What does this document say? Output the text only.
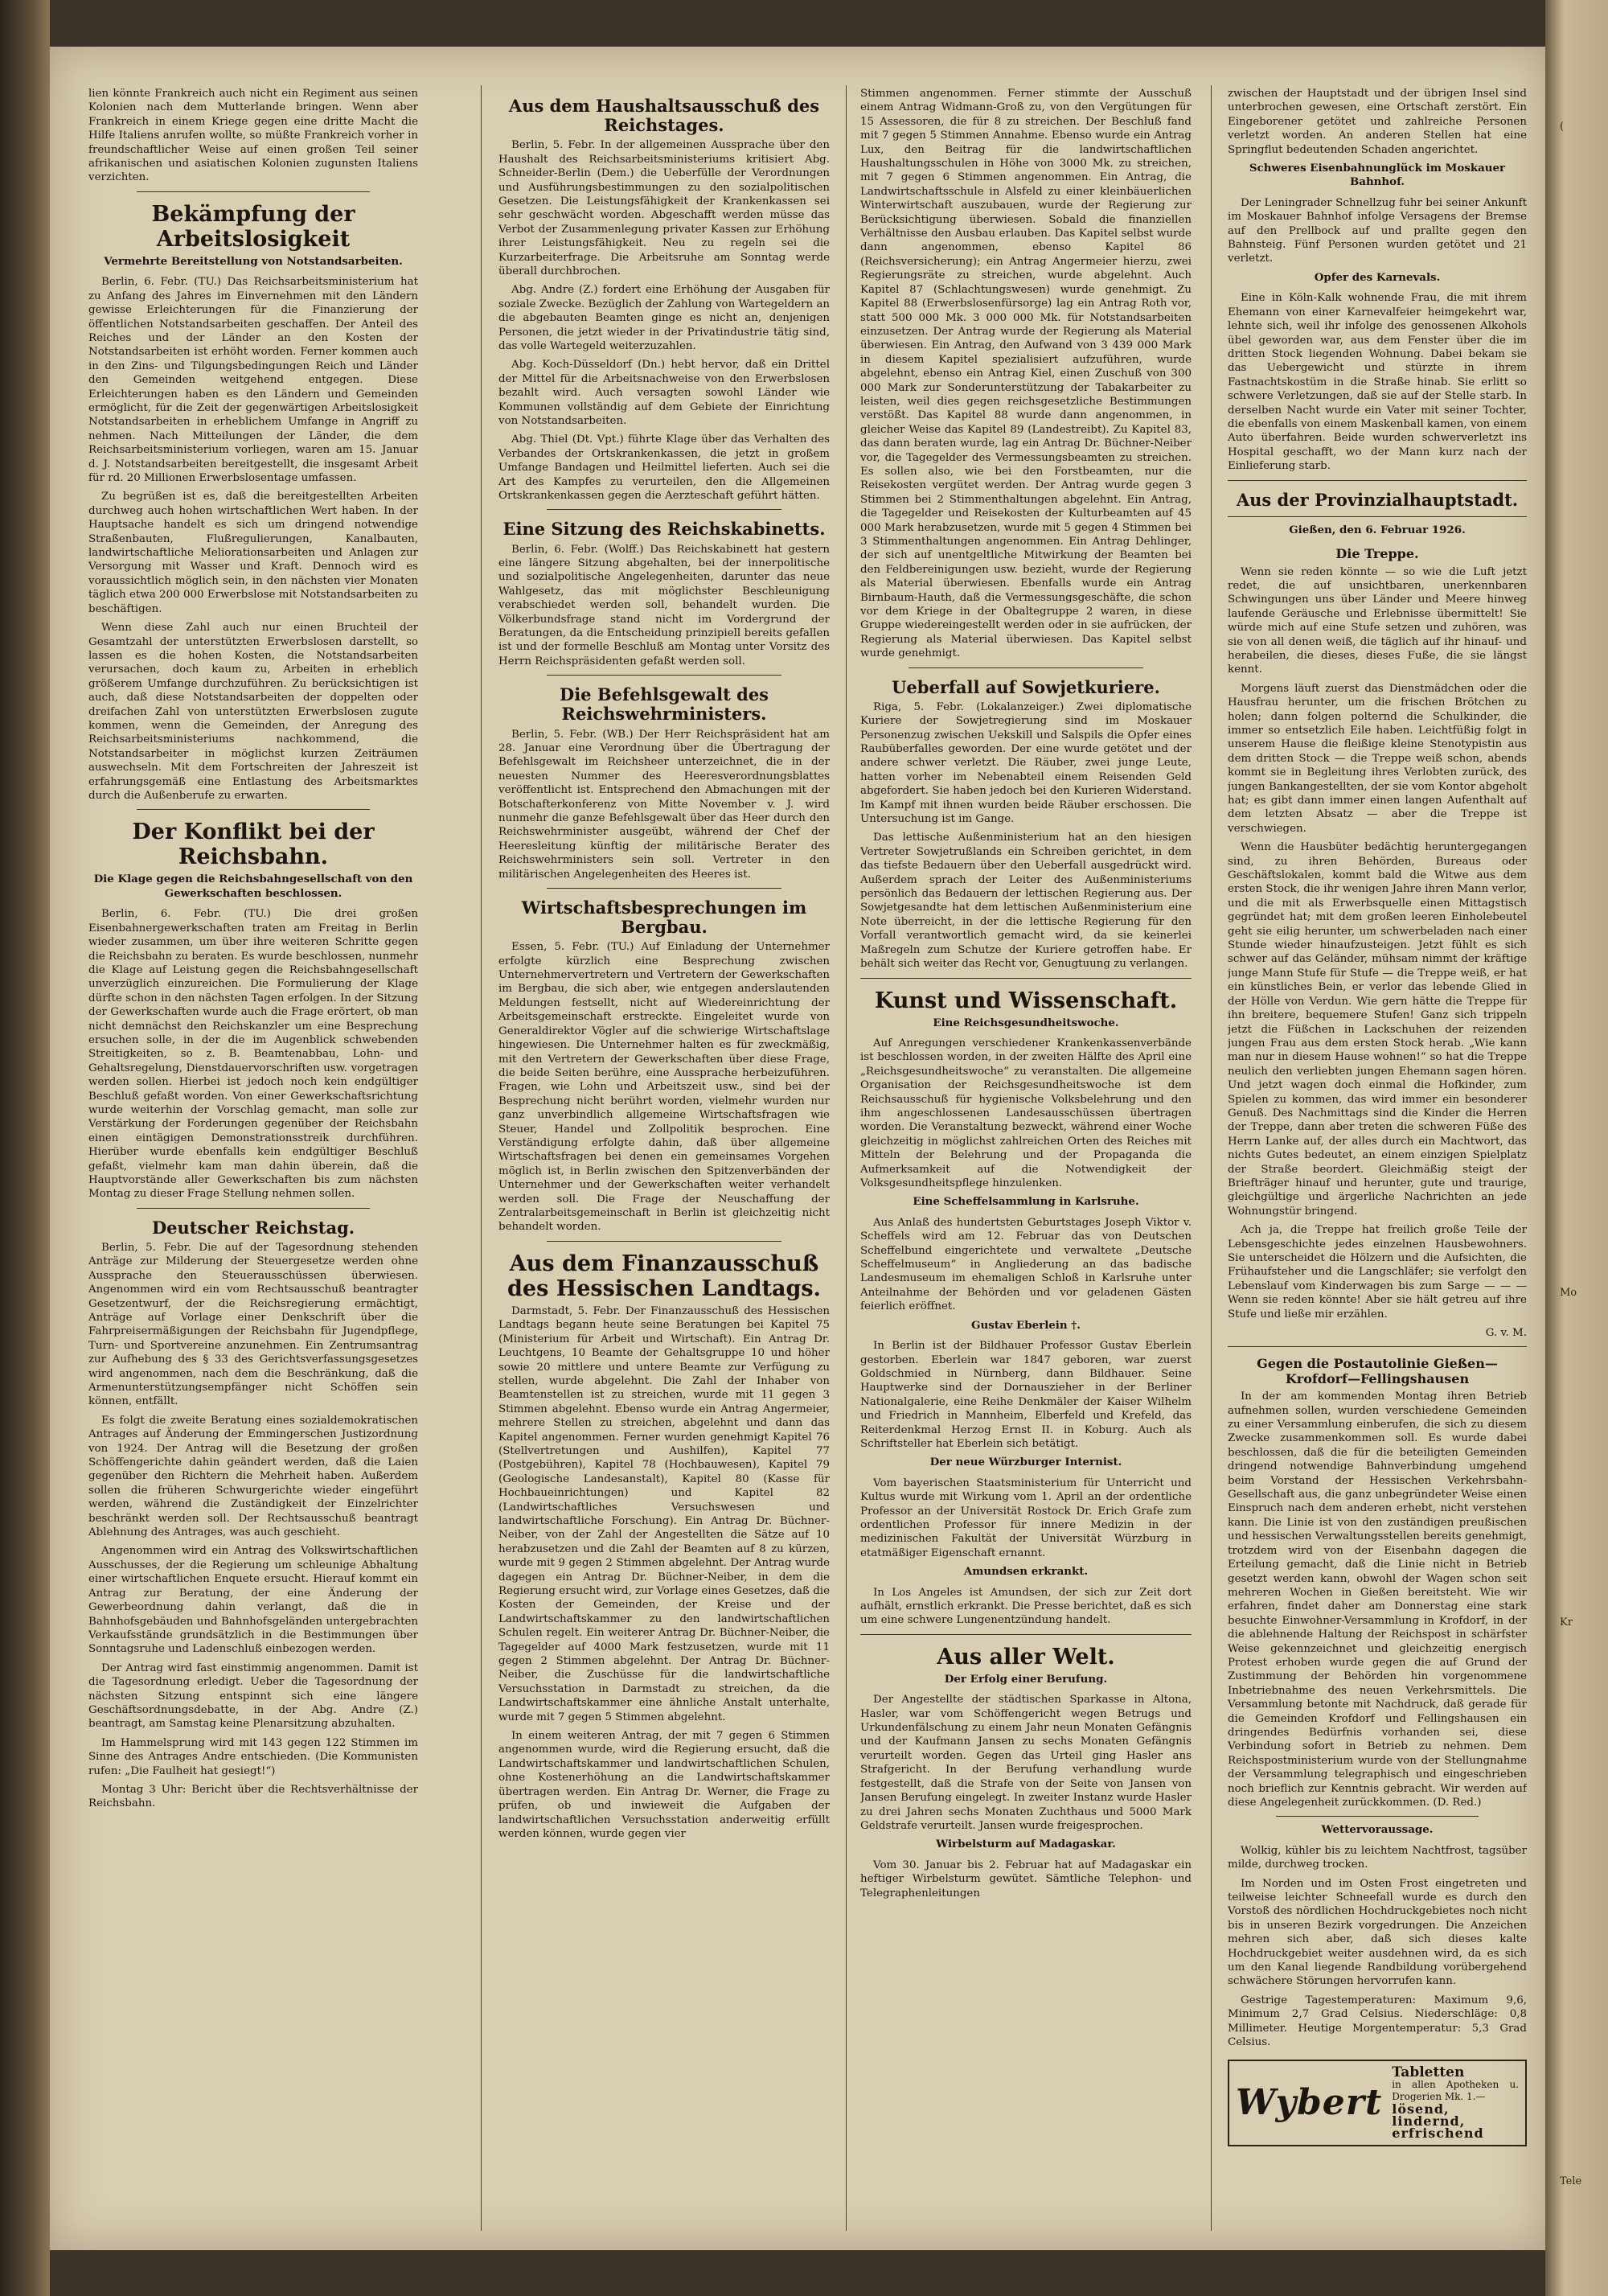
lien könnte Frankreich auch nicht ein Regiment aus seinen Kolonien nach dem Mutterlande bringen. Wenn aber Frankreich in einem Kriege gegen eine dritte Macht die Hilfe Italiens anrufen wollte, so müßte Frankreich vorher in freundschaftlicher Weise auf einen großen Teil seiner afrikanischen und asiatischen Kolonien zugunsten Italiens verzichten.

Bekämpfung der Arbeitslosigkeit
Vermehrte Bereitstellung von Notstandsarbeiten.

Berlin, 6. Febr. (TU.) Das Reichsarbeitsministerium hat zu Anfang des Jahres im Einvernehmen mit den Ländern gewisse Erleichterungen für die Finanzierung der öffentlichen Notstandsarbeiten geschaffen. Der Anteil des Reiches und der Länder an den Kosten der Notstandsarbeiten ist erhöht worden. Ferner kommen auch in den Zins- und Tilgungsbedingungen Reich und Länder den Gemeinden weitgehend entgegen. Diese Erleichterungen haben es den Ländern und Gemeinden ermöglicht, für die Zeit der gegenwärtigen Arbeitslosigkeit Notstandsarbeiten in erheblichem Umfange in Angriff zu nehmen. Nach Mitteilungen der Länder, die dem Reichsarbeitsministerium vorliegen, waren am 15. Januar d. J. Notstandsarbeiten bereitgestellt, die insgesamt Arbeit für rd. 20 Millionen Erwerbslosentage umfassen.

Zu begrüßen ist es, daß die bereitgestellten Arbeiten durchweg auch hohen wirtschaftlichen Wert haben. In der Hauptsache handelt es sich um dringend notwendige Straßenbauten, Flußregulierungen, Kanalbauten, landwirtschaftliche Meliorationsarbeiten und Anlagen zur Versorgung mit Wasser und Kraft. Dennoch wird es voraussichtlich möglich sein, in den nächsten vier Monaten täglich etwa 200 000 Erwerbslose mit Notstandsarbeiten zu beschäftigen.

Wenn diese Zahl auch nur einen Bruchteil der Gesamtzahl der unterstützten Erwerbslosen darstellt, so lassen es die hohen Kosten, die Notstandsarbeiten verursachen, doch kaum zu, Arbeiten in erheblich größerem Umfange durchzuführen. Zu berücksichtigen ist auch, daß diese Notstandsarbeiten der doppelten oder dreifachen Zahl von unterstützten Erwerbslosen zugute kommen, wenn die Gemeinden, der Anregung des Reichsarbeitsministeriums nachkommend, die Notstandsarbeiter in möglichst kurzen Zeiträumen auswechseln. Mit dem Fortschreiten der Jahreszeit ist erfahrungsgemäß eine Entlastung des Arbeitsmarktes durch die Außenberufe zu erwarten.

Der Konflikt bei der Reichsbahn.
Die Klage gegen die Reichsbahngesellschaft von den Gewerkschaften beschlossen.

Berlin, 6. Febr. (TU.) Die drei großen Eisenbahnergewerkschaften traten am Freitag in Berlin wieder zusammen, um über ihre weiteren Schritte gegen die Reichsbahn zu beraten. Es wurde beschlossen, nunmehr die Klage auf Leistung gegen die Reichsbahngesellschaft unverzüglich einzureichen. Die Formulierung der Klage dürfte schon in den nächsten Tagen erfolgen. In der Sitzung der Gewerkschaften wurde auch die Frage erörtert, ob man nicht demnächst den Reichskanzler um eine Besprechung ersuchen solle, in der die im Augenblick schwebenden Streitigkeiten, so z. B. Beamtenabbau, Lohn- und Gehaltsregelung, Dienstdauervorschriften usw. vorgetragen werden sollen. Hierbei ist jedoch noch kein endgültiger Beschluß gefaßt worden. Von einer Gewerkschaftsrichtung wurde weiterhin der Vorschlag gemacht, man solle zur Verstärkung der Forderungen gegenüber der Reichsbahn einen eintägigen Demonstrationsstreik durchführen. Hierüber wurde ebenfalls kein endgültiger Beschluß gefaßt, vielmehr kam man dahin überein, daß die Hauptvorstände aller Gewerkschaften bis zum nächsten Montag zu dieser Frage Stellung nehmen sollen.

Deutscher Reichstag.

Berlin, 5. Febr. Die auf der Tagesordnung stehenden Anträge zur Milderung der Steuergesetze werden ohne Aussprache den Steuerausschüssen überwiesen. Angenommen wird ein vom Rechtsausschuß beantragter Gesetzentwurf, der die Reichsregierung ermächtigt, Anträge auf Vorlage einer Denkschrift über die Fahrpreisermäßigungen der Reichsbahn für Jugendpflege, Turn- und Sportvereine anzunehmen. Ein Zentrumsantrag zur Aufhebung des § 33 des Gerichtsverfassungsgesetzes wird angenommen, nach dem die Beschränkung, daß die Armenunterstützungsempfänger nicht Schöffen sein können, entfällt.

Es folgt die zweite Beratung eines sozialdemokratischen Antrages auf Änderung der Emmingerschen Justizordnung von 1924. Der Antrag will die Besetzung der großen Schöffengerichte dahin geändert werden, daß die Laien gegenüber den Richtern die Mehrheit haben. Außerdem sollen die früheren Schwurgerichte wieder eingeführt werden, während die Zuständigkeit der Einzelrichter beschränkt werden soll. Der Rechtsausschuß beantragt Ablehnung des Antrages, was auch geschieht.

Angenommen wird ein Antrag des Volkswirtschaftlichen Ausschusses, der die Regierung um schleunige Abhaltung einer wirtschaftlichen Enquete ersucht. Hierauf kommt ein Antrag zur Beratung, der eine Änderung der Gewerbeordnung dahin verlangt, daß die in Bahnhofsgebäuden und Bahnhofsgeländen untergebrachten Verkaufsstände grundsätzlich in die Bestimmungen über Sonntagsruhe und Ladenschluß einbezogen werden.

Der Antrag wird fast einstimmig angenommen. Damit ist die Tagesordnung erledigt. Ueber die Tagesordnung der nächsten Sitzung entspinnt sich eine längere Geschäftsordnungsdebatte, in der Abg. Andre (Z.) beantragt, am Samstag keine Plenarsitzung abzuhalten.

Im Hammelsprung wird mit 143 gegen 122 Stimmen im Sinne des Antrages Andre entschieden. (Die Kommunisten rufen: „Die Faulheit hat gesiegt!“)

Montag 3 Uhr: Bericht über die Rechtsverhältnisse der Reichsbahn.

Aus dem Haushaltsausschuß des Reichstages.

Berlin, 5. Febr. In der allgemeinen Aussprache über den Haushalt des Reichsarbeitsministeriums kritisiert Abg. Schneider-Berlin (Dem.) die Ueberfülle der Verordnungen und Ausführungsbestimmungen zu den sozialpolitischen Gesetzen. Die Leistungsfähigkeit der Krankenkassen sei sehr geschwächt worden. Abgeschafft werden müsse das Verbot der Zusammenlegung privater Kassen zur Erhöhung ihrer Leistungsfähigkeit. Neu zu regeln sei die Kurzarbeiterfrage. Die Arbeitsruhe am Sonntag werde überall durchbrochen.

Abg. Andre (Z.) fordert eine Erhöhung der Ausgaben für soziale Zwecke. Bezüglich der Zahlung von Wartegeldern an die abgebauten Beamten ginge es nicht an, denjenigen Personen, die jetzt wieder in der Privatindustrie tätig sind, das volle Wartegeld weiterzuzahlen.

Abg. Koch-Düsseldorf (Dn.) hebt hervor, daß ein Drittel der Mittel für die Arbeitsnachweise von den Erwerbslosen bezahlt wird. Auch versagten sowohl Länder wie Kommunen vollständig auf dem Gebiete der Einrichtung von Notstandsarbeiten.

Abg. Thiel (Dt. Vpt.) führte Klage über das Verhalten des Verbandes der Ortskrankenkassen, die jetzt in großem Umfange Bandagen und Heilmittel lieferten. Auch sei die Art des Kampfes zu verurteilen, den die Allgemeinen Ortskrankenkassen gegen die Aerzteschaft geführt hätten.

Eine Sitzung des Reichskabinetts.

Berlin, 6. Febr. (Wolff.) Das Reichskabinett hat gestern eine längere Sitzung abgehalten, bei der innerpolitische und sozialpolitische Angelegenheiten, darunter das neue Wahlgesetz, das mit möglichster Beschleunigung verabschiedet werden soll, behandelt wurden. Die Völkerbundsfrage stand nicht im Vordergrund der Beratungen, da die Entscheidung prinzipiell bereits gefallen ist und der formelle Beschluß am Montag unter Vorsitz des Herrn Reichspräsidenten gefaßt werden soll.

Die Befehlsgewalt des Reichswehrministers.

Berlin, 5. Febr. (WB.) Der Herr Reichspräsident hat am 28. Januar eine Verordnung über die Übertragung der Befehlsgewalt im Reichsheer unterzeichnet, die in der neuesten Nummer des Heeresverordnungsblattes veröffentlicht ist. Entsprechend den Abmachungen mit der Botschafterkonferenz von Mitte November v. J. wird nunmehr die ganze Befehlsgewalt über das Heer durch den Reichswehrminister ausgeübt, während der Chef der Heeresleitung künftig der militärische Berater des Reichswehrministers sein soll. Vertreter in den militärischen Angelegenheiten des Heeres ist.

Wirtschaftsbesprechungen im Bergbau.

Essen, 5. Febr. (TU.) Auf Einladung der Unternehmer erfolgte kürzlich eine Besprechung zwischen Unternehmervertretern und Vertretern der Gewerkschaften im Bergbau, die sich aber, wie entgegen anderslautenden Meldungen festsellt, nicht auf Wiedereinrichtung der Arbeitsgemeinschaft erstreckte. Eingeleitet wurde von Generaldirektor Vögler auf die schwierige Wirtschaftslage hingewiesen. Die Unternehmer halten es für zweckmäßig, mit den Vertretern der Gewerkschaften über diese Frage, die beide Seiten berühre, eine Aussprache herbeizuführen. Fragen, wie Lohn und Arbeitszeit usw., sind bei der Besprechung nicht berührt worden, vielmehr wurden nur ganz unverbindlich allgemeine Wirtschaftsfragen wie Steuer, Handel und Zollpolitik besprochen. Eine Verständigung erfolgte dahin, daß über allgemeine Wirtschaftsfragen bei denen ein gemeinsames Vorgehen möglich ist, in Berlin zwischen den Spitzenverbänden der Unternehmer und der Gewerkschaften weiter verhandelt werden soll. Die Frage der Neuschaffung der Zentralarbeitsgemeinschaft in Berlin ist gleichzeitig nicht behandelt worden.

Aus dem Finanzausschuß des Hessischen Landtags.

Darmstadt, 5. Febr. Der Finanzausschuß des Hessischen Landtags begann heute seine Beratungen bei Kapitel 75 (Ministerium für Arbeit und Wirtschaft). Ein Antrag Dr. Leuchtgens, 10 Beamte der Gehaltsgruppe 10 und höher sowie 20 mittlere und untere Beamte zur Verfügung zu stellen, wurde abgelehnt. Die Zahl der Inhaber von Beamtenstellen ist zu streichen, wurde mit 11 gegen 3 Stimmen abgelehnt. Ebenso wurde ein Antrag Angermeier, mehrere Stellen zu streichen, abgelehnt und dann das Kapitel angenommen. Ferner wurden genehmigt Kapitel 76 (Stellvertretungen und Aushilfen), Kapitel 77 (Postgebühren), Kapitel 78 (Hochbauwesen), Kapitel 79 (Geologische Landesanstalt), Kapitel 80 (Kasse für Hochbaueinrichtungen) und Kapitel 82 (Landwirtschaftliches Versuchswesen und landwirtschaftliche Forschung). Ein Antrag Dr. Büchner-Neiber, von der Zahl der Angestellten die Sätze auf 10 herabzusetzen und die Zahl der Beamten auf 8 zu kürzen, wurde mit 9 gegen 2 Stimmen abgelehnt. Der Antrag wurde dagegen ein Antrag Dr. Büchner-Neiber, in dem die Regierung ersucht wird, zur Vorlage eines Gesetzes, daß die Kosten der Gemeinden, der Kreise und der Landwirtschaftskammer zu den landwirtschaftlichen Schulen regelt. Ein weiterer Antrag Dr. Büchner-Neiber, die Tagegelder auf 4000 Mark festzusetzen, wurde mit 11 gegen 2 Stimmen abgelehnt. Der Antrag Dr. Büchner-Neiber, die Zuschüsse für die landwirtschaftliche Versuchsstation in Darmstadt zu streichen, da die Landwirtschaftskammer eine ähnliche Anstalt unterhalte, wurde mit 7 gegen 5 Stimmen abgelehnt.

In einem weiteren Antrag, der mit 7 gegen 6 Stimmen angenommen wurde, wird die Regierung ersucht, daß die Landwirtschaftskammer und landwirtschaftlichen Schulen, ohne Kostenerhöhung an die Landwirtschaftskammer übertragen werden. Ein Antrag Dr. Werner, die Frage zu prüfen, ob und inwieweit die Aufgaben der landwirtschaftlichen Versuchsstation anderweitig erfüllt werden können, wurde gegen vier

Stimmen angenommen. Ferner stimmte der Ausschuß einem Antrag Widmann-Groß zu, von den Vergütungen für 15 Assessoren, die für 8 zu streichen. Der Beschluß fand mit 7 gegen 5 Stimmen Annahme. Ebenso wurde ein Antrag Lux, den Beitrag für die landwirtschaftlichen Haushaltungsschulen in Höhe von 3000 Mk. zu streichen, mit 7 gegen 6 Stimmen angenommen. Ein Antrag, die Landwirtschaftsschule in Alsfeld zu einer kleinbäuerlichen Winterwirtschaft auszubauen, wurde der Regierung zur Berücksichtigung überwiesen. Sobald die finanziellen Verhältnisse den Ausbau erlauben. Das Kapitel selbst wurde dann angenommen, ebenso Kapitel 86 (Reichsversicherung); ein Antrag Angermeier hierzu, zwei Regierungsräte zu streichen, wurde abgelehnt. Auch Kapitel 87 (Schlachtungswesen) wurde genehmigt. Zu Kapitel 88 (Erwerbslosenfürsorge) lag ein Antrag Roth vor, statt 500 000 Mk. 3 000 000 Mk. für Notstandsarbeiten einzusetzen. Der Antrag wurde der Regierung als Material überwiesen. Ein Antrag, den Aufwand von 3 439 000 Mark in diesem Kapitel spezialisiert aufzuführen, wurde abgelehnt, ebenso ein Antrag Kiel, einen Zuschuß von 300 000 Mark zur Sonderunterstützung der Tabakarbeiter zu leisten, weil dies gegen reichsgesetzliche Bestimmungen verstößt. Das Kapitel 88 wurde dann angenommen, in gleicher Weise das Kapitel 89 (Landestreibt). Zu Kapitel 83, das dann beraten wurde, lag ein Antrag Dr. Büchner-Neiber vor, die Tagegelder des Vermessungsbeamten zu streichen. Es sollen also, wie bei den Forstbeamten, nur die Reisekosten vergütet werden. Der Antrag wurde gegen 3 Stimmen bei 2 Stimmenthaltungen abgelehnt. Ein Antrag, die Tagegelder und Reisekosten der Kulturbeamten auf 45 000 Mark herabzusetzen, wurde mit 5 gegen 4 Stimmen bei 3 Stimmenthaltungen angenommen. Ein Antrag Dehlinger, der sich auf unentgeltliche Mitwirkung der Beamten bei den Feldbereinigungen usw. bezieht, wurde der Regierung als Material überwiesen. Ebenfalls wurde ein Antrag Birnbaum-Hauth, daß die Vermessungsgeschäfte, die schon vor dem Kriege in der Obaltegruppe 2 waren, in diese Gruppe wiedereingestellt werden oder in sie aufrücken, der Regierung als Material überwiesen. Das Kapitel selbst wurde genehmigt.

Ueberfall auf Sowjetkuriere.

Riga, 5. Febr. (Lokalanzeiger.) Zwei diplomatische Kuriere der Sowjetregierung sind im Moskauer Personenzug zwischen Uekskill und Salspils die Opfer eines Raubüberfalles geworden. Der eine wurde getötet und der andere schwer verletzt. Die Räuber, zwei junge Leute, hatten vorher im Nebenabteil einem Reisenden Geld abgefordert. Sie haben jedoch bei den Kurieren Widerstand. Im Kampf mit ihnen wurden beide Räuber erschossen. Die Untersuchung ist im Gange.

Das lettische Außenministerium hat an den hiesigen Vertreter Sowjetrußlands ein Schreiben gerichtet, in dem das tiefste Bedauern über den Ueberfall ausgedrückt wird. Außerdem sprach der Leiter des Außenministeriums persönlich das Bedauern der lettischen Regierung aus. Der Sowjetgesandte hat dem lettischen Außenministerium eine Note überreicht, in der die lettische Regierung für den Vorfall verantwortlich gemacht wird, da sie keinerlei Maßregeln zum Schutze der Kuriere getroffen habe. Er behält sich weiter das Recht vor, Genugtuung zu verlangen.

Kunst und Wissenschaft.
Eine Reichsgesundheitswoche.

Auf Anregungen verschiedener Krankenkassenverbände ist beschlossen worden, in der zweiten Hälfte des April eine „Reichsgesundheitswoche“ zu veranstalten. Die allgemeine Organisation der Reichsgesundheitswoche ist dem Reichsausschuß für hygienische Volksbelehrung und den ihm angeschlossenen Landesausschüssen übertragen worden. Die Veranstaltung bezweckt, während einer Woche gleichzeitig in möglichst zahlreichen Orten des Reiches mit Mitteln der Belehrung und der Propaganda die Aufmerksamkeit auf die Notwendigkeit der Volksgesundheitspflege hinzulenken.

Eine Scheffelsammlung in Karlsruhe.

Aus Anlaß des hundertsten Geburtstages Joseph Viktor v. Scheffels wird am 12. Februar das von Deutschen Scheffelbund eingerichtete und verwaltete „Deutsche Scheffelmuseum“ in Angliederung an das badische Landesmuseum im ehemaligen Schloß in Karlsruhe unter Anteilnahme der Behörden und vor geladenen Gästen feierlich eröffnet.

Gustav Eberlein †.

In Berlin ist der Bildhauer Professor Gustav Eberlein gestorben. Eberlein war 1847 geboren, war zuerst Goldschmied in Nürnberg, dann Bildhauer. Seine Hauptwerke sind der Dornauszieher in der Berliner Nationalgalerie, eine Reihe Denkmäler der Kaiser Wilhelm und Friedrich in Mannheim, Elberfeld und Krefeld, das Reiterdenkmal Herzog Ernst II. in Koburg. Auch als Schriftsteller hat Eberlein sich betätigt.

Der neue Würzburger Internist.

Vom bayerischen Staatsministerium für Unterricht und Kultus wurde mit Wirkung vom 1. April an der ordentliche Professor an der Universität Rostock Dr. Erich Grafe zum ordentlichen Professor für innere Medizin in der medizinischen Fakultät der Universität Würzburg in etatmäßiger Eigenschaft ernannt.

Amundsen erkrankt.

In Los Angeles ist Amundsen, der sich zur Zeit dort aufhält, ernstlich erkrankt. Die Presse berichtet, daß es sich um eine schwere Lungenentzündung handelt.

Aus aller Welt.
Der Erfolg einer Berufung.

Der Angestellte der städtischen Sparkasse in Altona, Hasler, war vom Schöffengericht wegen Betrugs und Urkundenfälschung zu einem Jahr neun Monaten Gefängnis und der Kaufmann Jansen zu sechs Monaten Gefängnis verurteilt worden. Gegen das Urteil ging Hasler ans Strafgericht. In der Berufung verhandlung wurde festgestellt, daß die Strafe von der Seite von Jansen von Jansen Berufung eingelegt. In zweiter Instanz wurde Hasler zu drei Jahren sechs Monaten Zuchthaus und 5000 Mark Geldstrafe verurteilt. Jansen wurde freigesprochen.

Wirbelsturm auf Madagaskar.

Vom 30. Januar bis 2. Februar hat auf Madagaskar ein heftiger Wirbelsturm gewütet. Sämtliche Telephon- und Telegraphenleitungen

zwischen der Hauptstadt und der übrigen Insel sind unterbrochen gewesen, eine Ortschaft zerstört. Ein Eingeborener getötet und zahlreiche Personen verletzt worden. An anderen Stellen hat eine Springflut bedeutenden Schaden angerichtet.

Schweres Eisenbahnunglück im Moskauer Bahnhof.

Der Leningrader Schnellzug fuhr bei seiner Ankunft im Moskauer Bahnhof infolge Versagens der Bremse auf den Prellbock auf und prallte gegen den Bahnsteig. Fünf Personen wurden getötet und 21 verletzt.

Opfer des Karnevals.

Eine in Köln-Kalk wohnende Frau, die mit ihrem Ehemann von einer Karnevalfeier heimgekehrt war, lehnte sich, weil ihr infolge des genossenen Alkohols übel geworden war, aus dem Fenster über die im dritten Stock liegenden Wohnung. Dabei bekam sie das Uebergewicht und stürzte in ihrem Fastnachtskostüm in die Straße hinab. Sie erlitt so schwere Verletzungen, daß sie auf der Stelle starb. In derselben Nacht wurde ein Vater mit seiner Tochter, die ebenfalls von einem Maskenball kamen, von einem Auto überfahren. Beide wurden schwerverletzt ins Hospital geschafft, wo der Mann kurz nach der Einlieferung starb.

Aus der Provinzialhauptstadt.
Gießen, den 6. Februar 1926.
Die Treppe.

Wenn sie reden könnte — so wie die Luft jetzt redet, die auf unsichtbaren, unerkennbaren Schwingungen uns über Länder und Meere hinweg laufende Geräusche und Erlebnisse übermittelt! Sie würde mich auf eine Stufe setzen und zuhören, was sie von all denen weiß, die täglich auf ihr hinauf- und herabeilen, die dieses, dieses Fuße, die sie längst kennt.

Morgens läuft zuerst das Dienstmädchen oder die Hausfrau herunter, um die frischen Brötchen zu holen; dann folgen polternd die Schulkinder, die immer so entsetzlich Eile haben. Leichtfüßig folgt in unserem Hause die fleißige kleine Stenotypistin aus dem dritten Stock — die Treppe weiß schon, abends kommt sie in Begleitung ihres Verlobten zurück, des jungen Bankangestellten, der sie vom Kontor abgeholt hat; es gibt dann immer einen langen Aufenthalt auf dem letzten Absatz — aber die Treppe ist verschwiegen.

Wenn die Hausbüter bedächtig heruntergegangen sind, zu ihren Behörden, Bureaus oder Geschäftslokalen, kommt bald die Witwe aus dem ersten Stock, die ihr wenigen Jahre ihren Mann verlor, und die mit als Erwerbsquelle einen Mittagstisch gegründet hat; mit dem großen leeren Einholebeutel geht sie eilig herunter, um schwerbeladen nach einer Stunde wieder hinaufzusteigen. Jetzt fühlt es sich schwer auf das Geländer, mühsam nimmt der kräftige junge Mann Stufe für Stufe — die Treppe weiß, er hat ein künstliches Bein, er verlor das lebende Glied in der Hölle von Verdun. Wie gern hätte die Treppe für ihn breitere, bequemere Stufen! Ganz sich trippeln jetzt die Füßchen in Lackschuhen der reizenden jungen Frau aus dem ersten Stock herab. „Wie kann man nur in diesem Hause wohnen!“ so hat die Treppe neulich den verliebten jungen Ehemann sagen hören. Und jetzt wagen doch einmal die Hofkinder, zum Spielen zu kommen, das wird immer ein besonderer Genuß. Des Nachmittags sind die Kinder die Herren der Treppe, dann aber treten die schweren Füße des Herrn Lanke auf, der alles durch ein Machtwort, das nichts Gutes bedeutet, an einem einzigen Spielplatz der Straße beordert. Gleichmäßig steigt der Briefträger hinauf und herunter, gute und traurige, gleichgültige und ärgerliche Nachrichten an jede Wohnungstür bringend.

Ach ja, die Treppe hat freilich große Teile der Lebensgeschichte jedes einzelnen Hausbewohners. Sie unterscheidet die Hölzern und die Aufsichten, die Frühaufsteher und die Langschläfer; sie verfolgt den Lebenslauf vom Kinderwagen bis zum Sarge — — — Wenn sie reden könnte! Aber sie hält getreu auf ihre Stufe und ließe mir erzählen.

G. v. M.
Gegen die Postautolinie Gießen—Krofdorf—Fellingshausen

In der am kommenden Montag ihren Betrieb aufnehmen sollen, wurden verschiedene Gemeinden zu einer Versammlung einberufen, die sich zu diesem Zwecke zusammenkommen soll. Es wurde dabei beschlossen, daß die für die beteiligten Gemeinden dringend notwendige Bahnverbindung umgehend beim Vorstand der Hessischen Verkehrsbahn-Gesellschaft aus, die ganz unbegründeter Weise einen Einspruch nach dem anderen erhebt, nicht verstehen kann. Die Linie ist von den zuständigen preußischen und hessischen Verwaltungsstellen bereits genehmigt, trotzdem wird von der Eisenbahn dagegen die Erteilung gemacht, daß die Linie nicht in Betrieb gesetzt werden kann, obwohl der Wagen schon seit mehreren Wochen in Gießen bereitsteht. Wie wir erfahren, findet daher am Donnerstag eine stark besuchte Einwohner-Versammlung in Krofdorf, in der die ablehnende Haltung der Reichspost in schärfster Weise gekennzeichnet und gleichzeitig energisch Protest erhoben wurde gegen die auf Grund der Zustimmung der Behörden hin vorgenommene Inbetriebnahme des neuen Verkehrsmittels. Die Versammlung betonte mit Nachdruck, daß gerade für die Gemeinden Krofdorf und Fellingshausen ein dringendes Bedürfnis vorhanden sei, diese Verbindung sofort in Betrieb zu nehmen. Dem Reichspostministerium wurde von der Stellungnahme der Versammlung telegraphisch und eingeschrieben noch brieflich zur Kenntnis gebracht. Wir werden auf diese Angelegenheit zurückkommen. (D. Red.)

Wettervoraussage.

Wolkig, kühler bis zu leichtem Nachtfrost, tagsüber milde, durchweg trocken.

Im Norden und im Osten Frost eingetreten und teilweise leichter Schneefall wurde es durch den Vorstoß des nördlichen Hochdruckgebietes noch nicht bis in unseren Bezirk vorgedrungen. Die Anzeichen mehren sich aber, daß sich dieses kalte Hochdruckgebiet weiter ausdehnen wird, da es sich um den Kanal liegende Randbildung vorübergehend schwächere Störungen hervorrufen kann.

Gestrige Tagestemperaturen: Maximum 9,6, Minimum 2,7 Grad Celsius. Niederschläge: 0,8 Millimeter. Heutige Morgentemperatur: 5,3 Grad Celsius.

Wybert
Tabletten
in allen Apotheken u. Drogerien Mk. 1.—
lösend, lindernd, erfrischend
(
Mo
Kr
Tele
